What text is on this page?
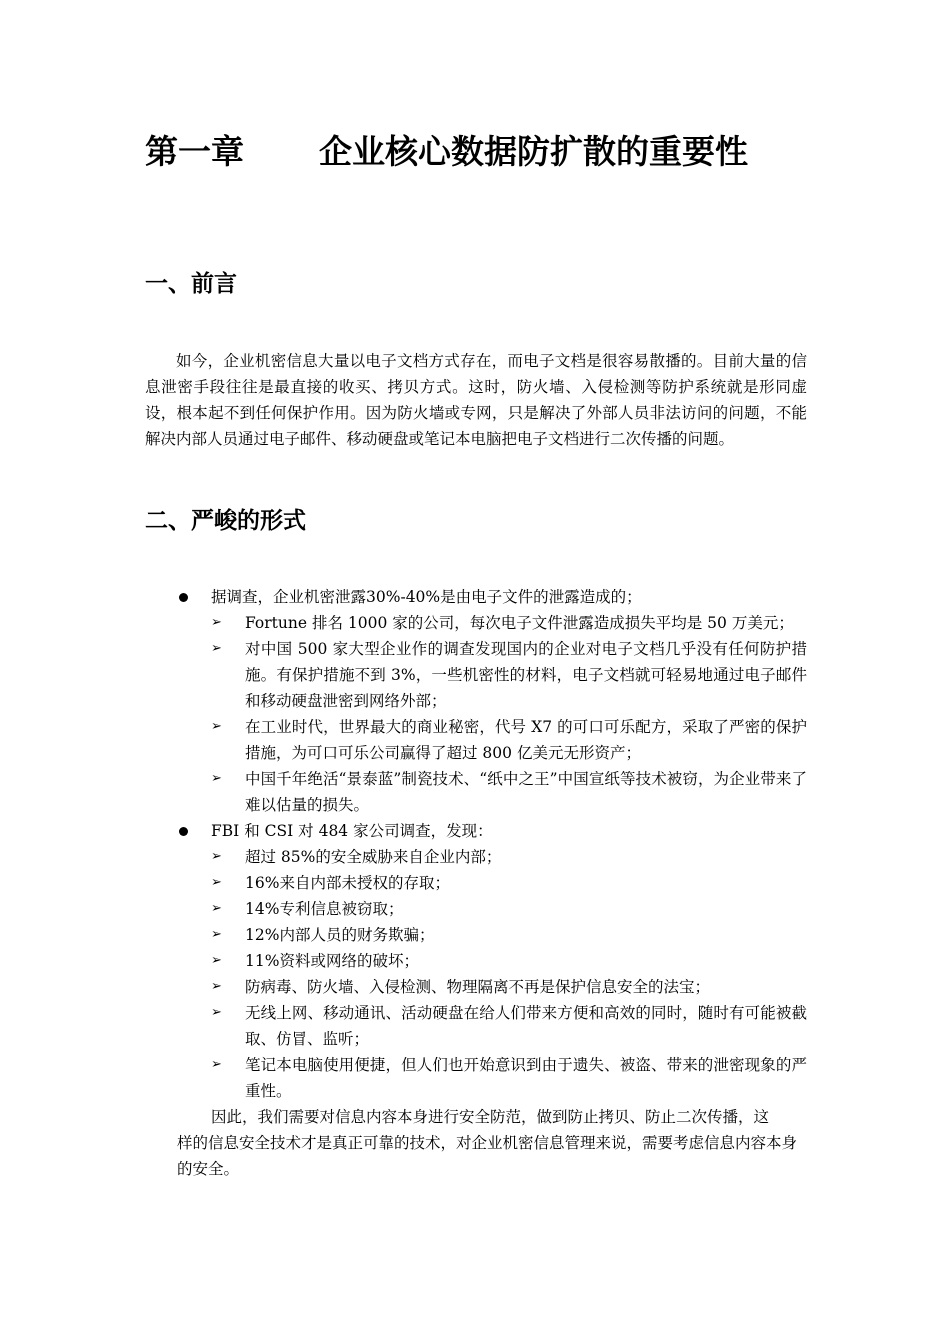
第一章 企业核心数据防扩散的重要性
一、前言

如今，企业机密信息大量以电子文档方式存在，而电子文档是很容易散播的。目前大量的信息泄密手段往往是最直接的收买、拷贝方式。这时，防火墙、入侵检测等防护系统就是形同虚设，根本起不到任何保护作用。因为防火墙或专网，只是解决了外部人员非法访问的问题，不能解决内部人员通过电子邮件、移动硬盘或笔记本电脑把电子文档进行二次传播的问题。

二、严峻的形式
据调查，企业机密泄露30%-40%是由电子文件的泄露造成的；
➢ Fortune 排名 1000 家的公司，每次电子文件泄露造成损失平均是 50 万美元；
➢ 对中国 500 家大型企业作的调查发现国内的企业对电子文档几乎没有任何防护措施。有保护措施不到 3%，一些机密性的材料，电子文档就可轻易地通过电子邮件和移动硬盘泄密到网络外部；
➢ 在工业时代，世界最大的商业秘密，代号 X7 的可口可乐配方，采取了严密的保护措施，为可口可乐公司赢得了超过 800 亿美元无形资产；
➢ 中国千年绝活“景泰蓝”制瓷技术、“纸中之王”中国宣纸等技术被窃，为企业带来了难以估量的损失。
FBI 和 CSI 对 484 家公司调查，发现：
➢ 超过 85%的安全威胁来自企业内部；
➢ 16%来自内部未授权的存取；
➢ 14%专利信息被窃取；
➢ 12%内部人员的财务欺骗；
➢ 11%资料或网络的破坏；
➢ 防病毒、防火墙、入侵检测、物理隔离不再是保护信息安全的法宝；
➢ 无线上网、移动通讯、活动硬盘在给人们带来方便和高效的同时，随时有可能被截取、仿冒、监听；
➢ 笔记本电脑使用便捷，但人们也开始意识到由于遗失、被盗、带来的泄密现象的严重性。
因此，我们需要对信息内容本身进行安全防范，做到防止拷贝、防止二次传播，这
样的信息安全技术才是真正可靠的技术，对企业机密信息管理来说，需要考虑信息内容本身的安全。
